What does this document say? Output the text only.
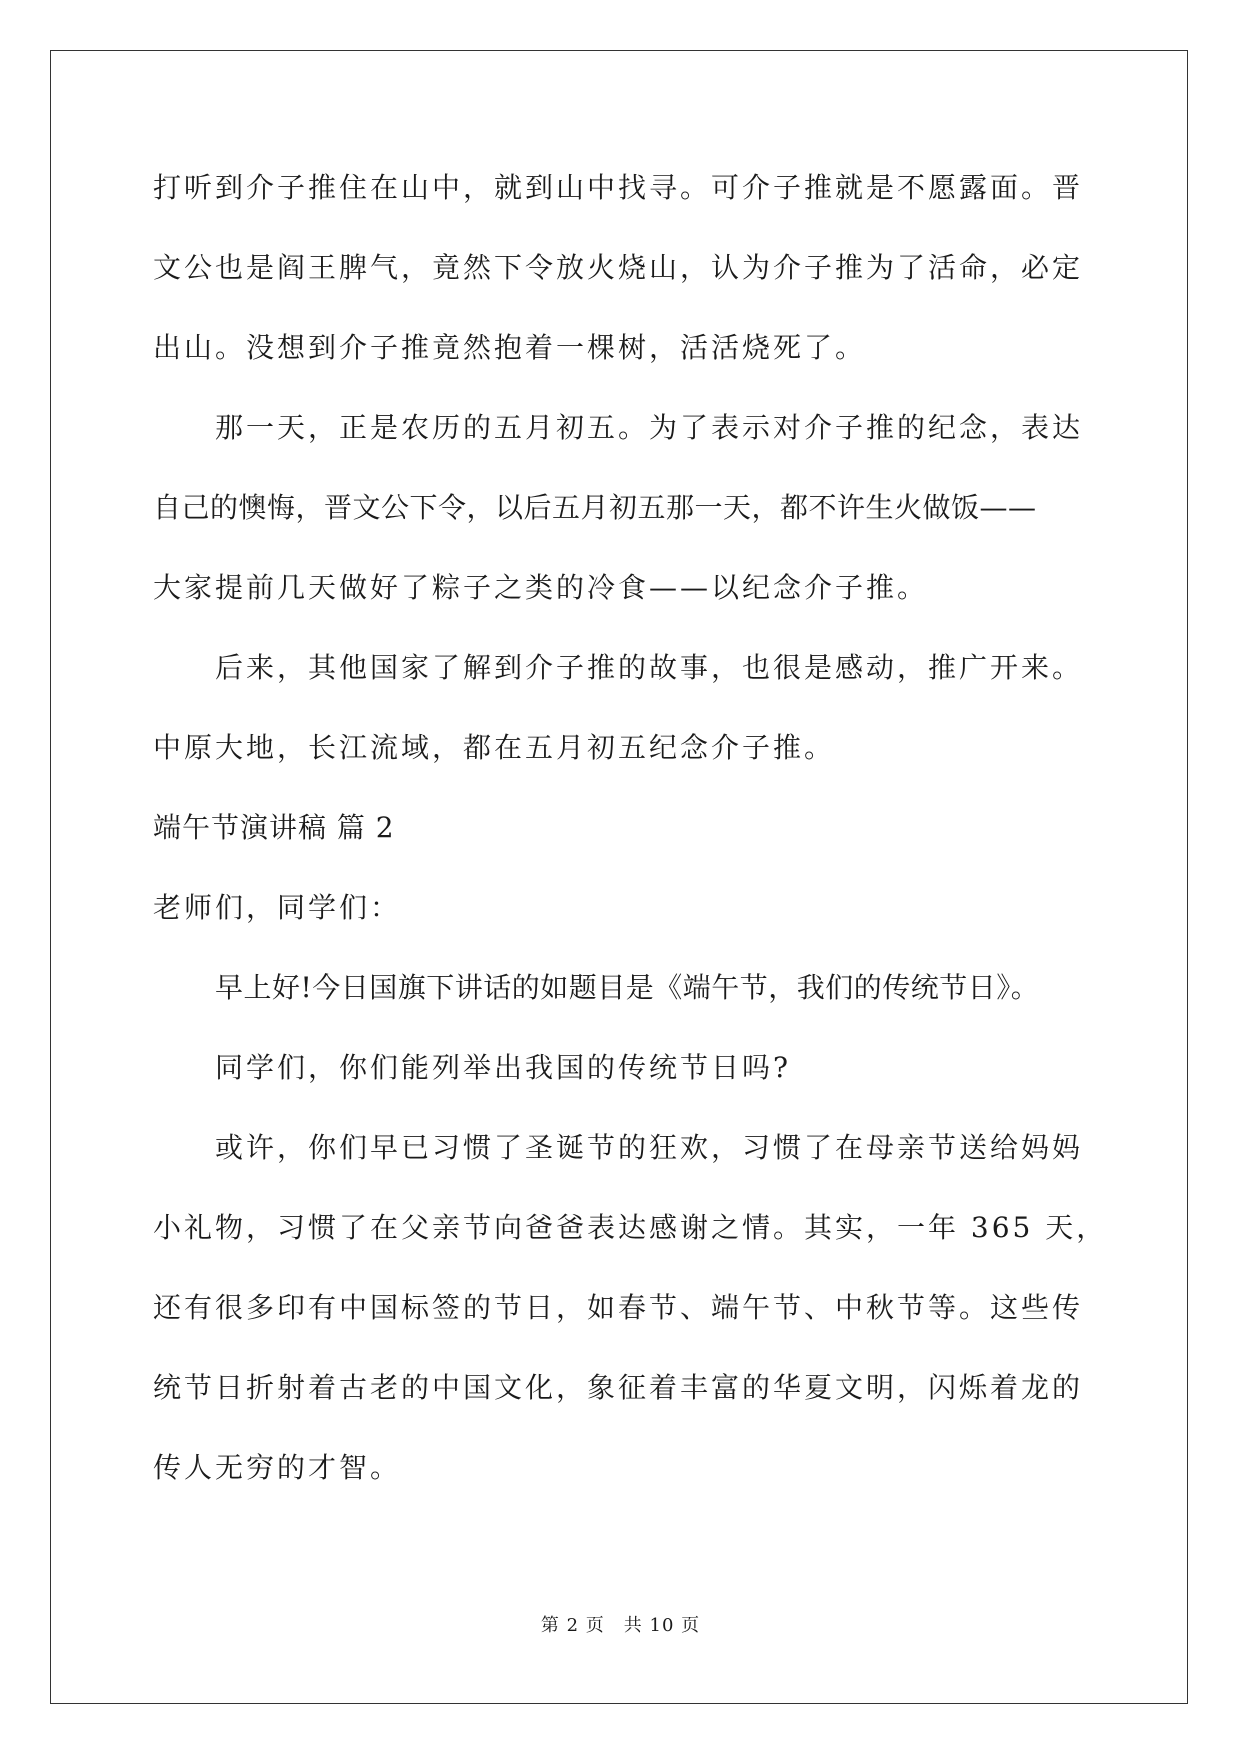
打听到介子推住在山中，就到山中找寻。可介子推就是不愿露面。晋
文公也是阎王脾气，竟然下令放火烧山，认为介子推为了活命，必定
出山。没想到介子推竟然抱着一棵树，活活烧死了。
那一天，正是农历的五月初五。为了表示对介子推的纪念，表达
自己的懊悔，晋文公下令，以后五月初五那一天，都不许生火做饭——
大家提前几天做好了粽子之类的冷食——以纪念介子推。
后来，其他国家了解到介子推的故事，也很是感动，推广开来。
中原大地，长江流域，都在五月初五纪念介子推。
端午节演讲稿 篇 2
老师们，同学们：
早上好!今日国旗下讲话的如题目是《端午节，我们的传统节日》。
同学们，你们能列举出我国的传统节日吗?
或许，你们早已习惯了圣诞节的狂欢，习惯了在母亲节送给妈妈
小礼物，习惯了在父亲节向爸爸表达感谢之情。其实，一年 365 天，
还有很多印有中国标签的节日，如春节、端午节、中秋节等。这些传
统节日折射着古老的中国文化，象征着丰富的华夏文明，闪烁着龙的
传人无穷的才智。
第 2 页　共 10 页
